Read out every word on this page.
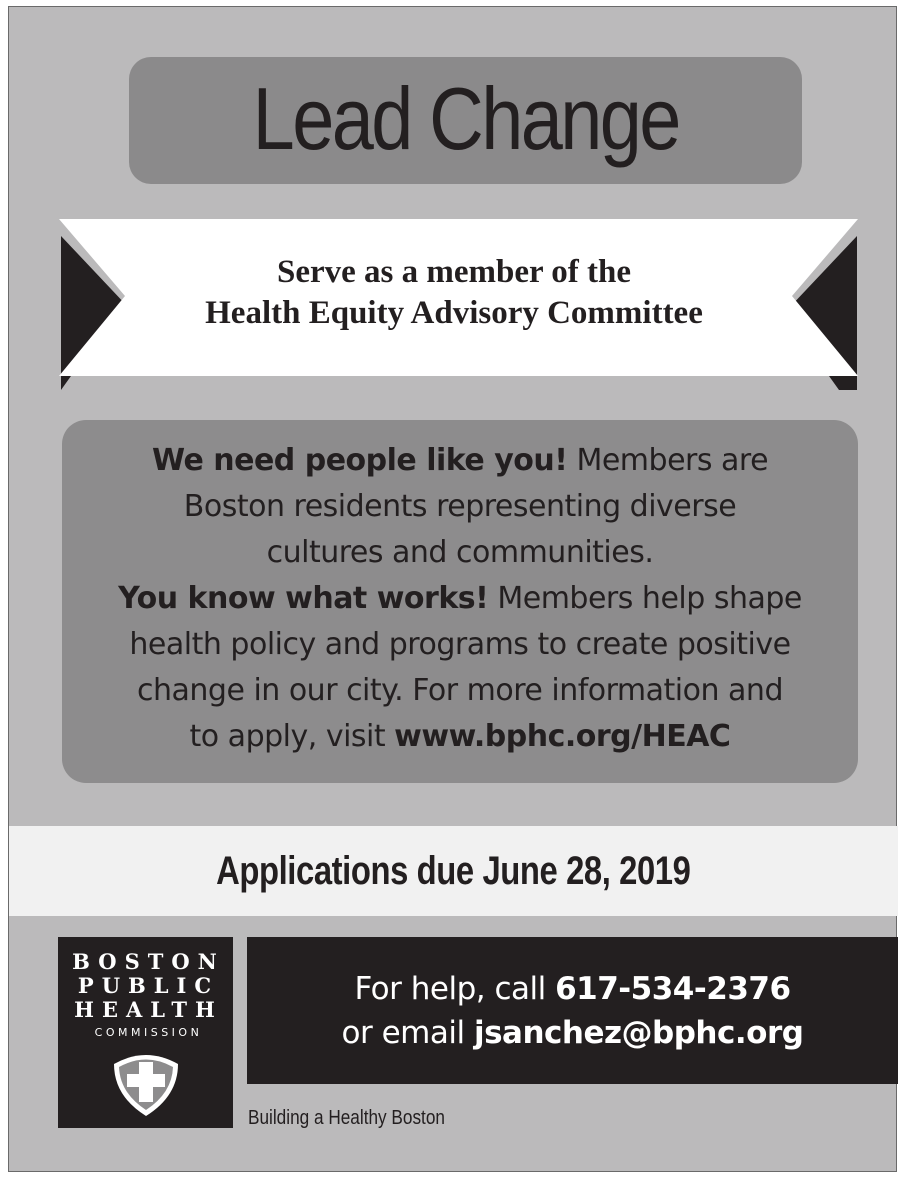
Lead Change
Serve as a member of the
Health Equity Advisory Committee
We need people like you! Members are
Boston residents representing diverse
cultures and communities.
You know what works! Members help shape
health policy and programs to create positive
change in our city. For more information and
to apply, visit www.bphc.org/HEAC
Applications due June 28, 2019
BOSTON
PUBLIC
HEALTH
COMMISSION
For help, call 617-534-2376
or email jsanchez@bphc.org
Building a Healthy Boston
